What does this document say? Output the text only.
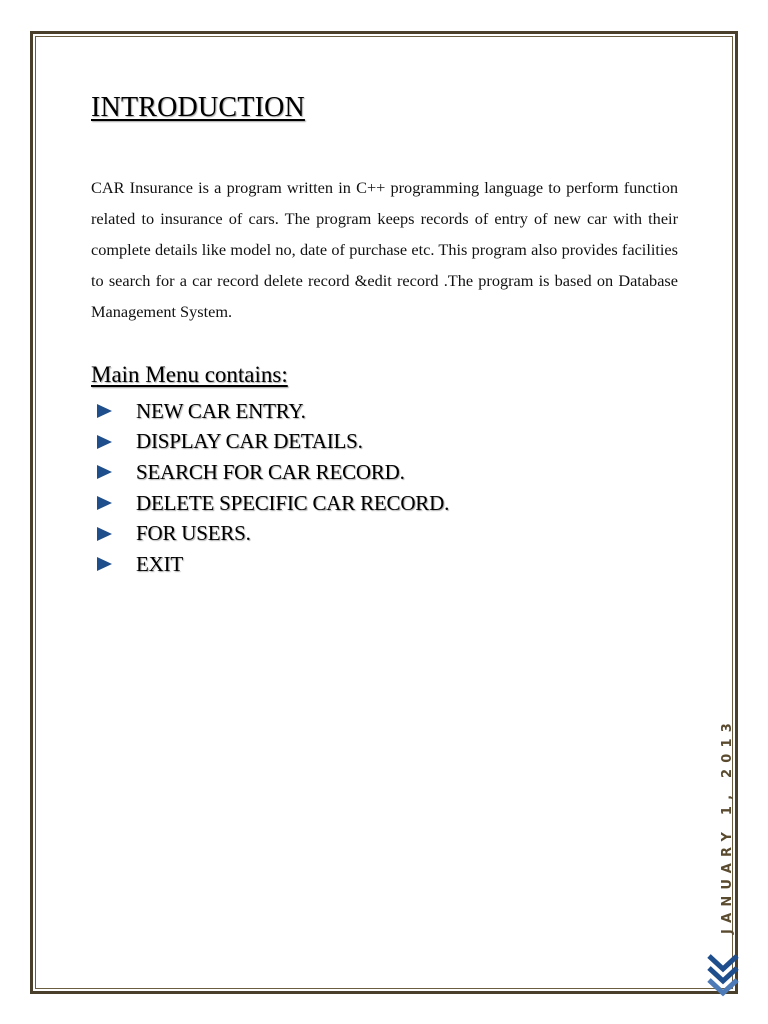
INTRODUCTION

CAR Insurance is a program written in C++ programming language to perform function related to insurance of cars. The program keeps records of entry of new car with their complete details like model no, date of purchase etc. This program also provides facilities to search for a car record delete record &edit record .The program is based on Database Management System.

Main Menu contains:
NEW CAR ENTRY.
DISPLAY CAR DETAILS.
SEARCH FOR CAR RECORD.
DELETE SPECIFIC CAR RECORD.
FOR USERS.
EXIT
JANUARY 1, 2013
